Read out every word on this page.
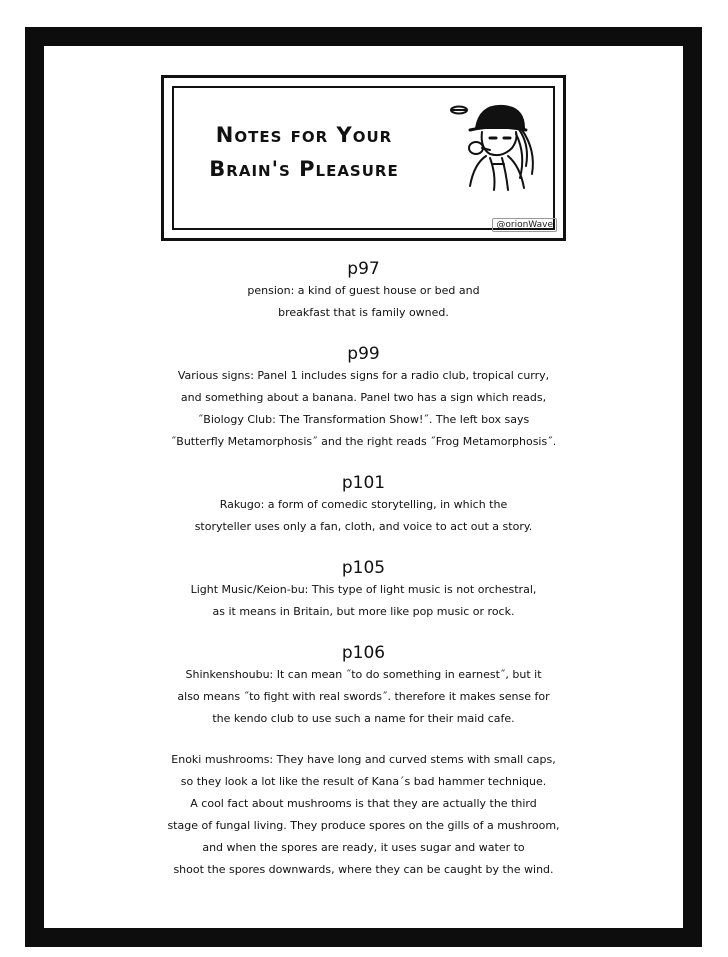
Notes for Your
Brain's Pleasure
@orionWave
p97
pension: a kind of guest house or bed and
breakfast that is family owned.
p99
Various signs: Panel 1 includes signs for a radio club, tropical curry,
and something about a banana. Panel two has a sign which reads,
˝Biology Club: The Transformation Show!˝. The left box says
˝Butterfly Metamorphosis˝ and the right reads ˝Frog Metamorphosis˝.
p101
Rakugo: a form of comedic storytelling, in which the
storyteller uses only a fan, cloth, and voice to act out a story.
p105
Light Music/Keion-bu: This type of light music is not orchestral,
as it means in Britain, but more like pop music or rock.
p106
Shinkenshoubu: It can mean ˝to do something in earnest˝, but it
also means ˝to fight with real swords˝. therefore it makes sense for
the kendo club to use such a name for their maid cafe.
Enoki mushrooms: They have long and curved stems with small caps,
so they look a lot like the result of Kana´s bad hammer technique.
A cool fact about mushrooms is that they are actually the third
stage of fungal living. They produce spores on the gills of a mushroom,
and when the spores are ready, it uses sugar and water to
shoot the spores downwards, where they can be caught by the wind.
